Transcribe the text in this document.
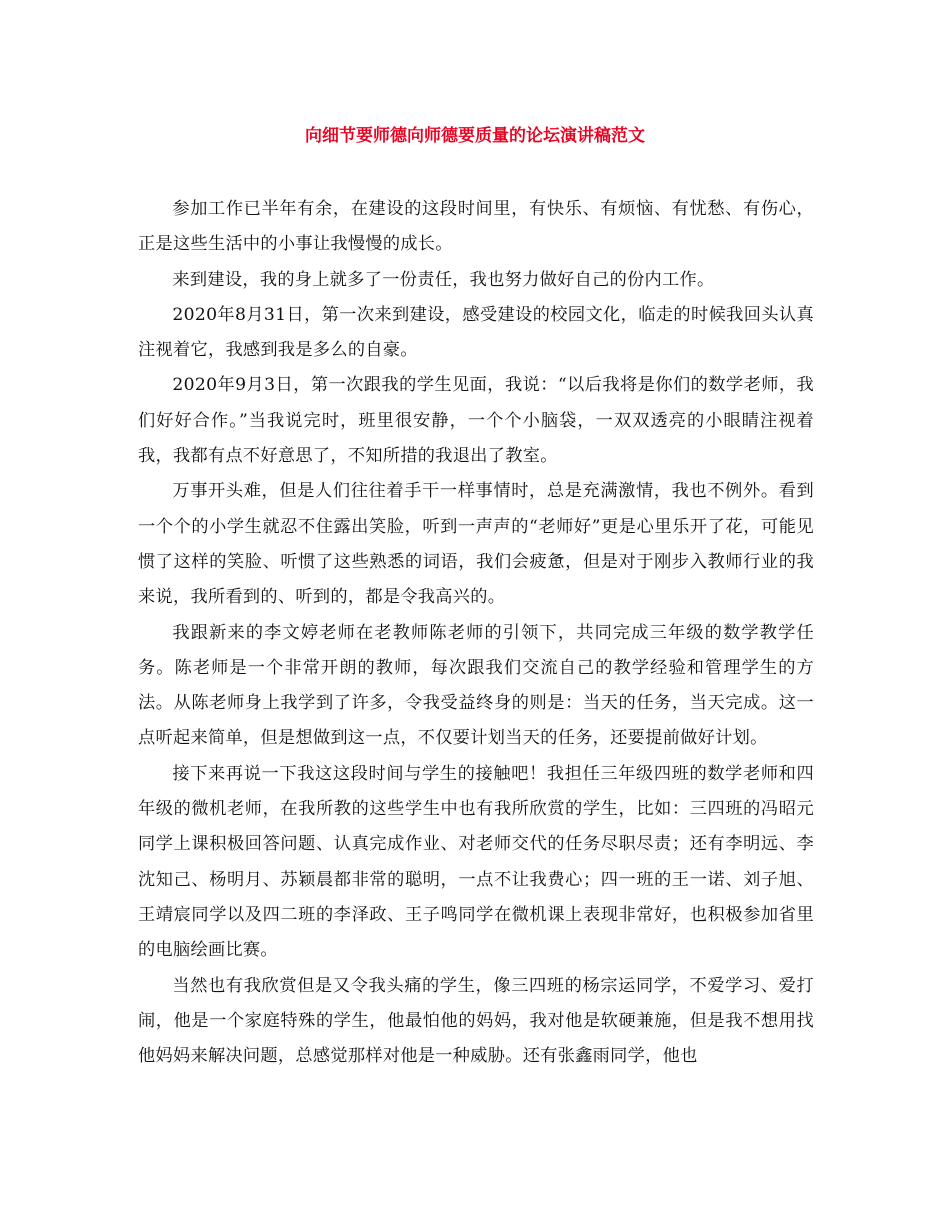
向细节要师德向师德要质量的论坛演讲稿范文

参加工作已半年有余，在建设的这段时间里，有快乐、有烦恼、有忧愁、有伤心，正是这些生活中的小事让我慢慢的成长。

来到建设，我的身上就多了一份责任，我也努力做好自己的份内工作。

2020年8月31日，第一次来到建设，感受建设的校园文化，临走的时候我回头认真注视着它，我感到我是多么的自豪。

2020年9月3日，第一次跟我的学生见面，我说：“以后我将是你们的数学老师，我们好好合作。”当我说完时，班里很安静，一个个小脑袋，一双双透亮的小眼睛注视着我，我都有点不好意思了，不知所措的我退出了教室。

万事开头难，但是人们往往着手干一样事情时，总是充满激情，我也不例外。看到一个个的小学生就忍不住露出笑脸，听到一声声的“老师好”更是心里乐开了花，可能见惯了这样的笑脸、听惯了这些熟悉的词语，我们会疲惫，但是对于刚步入教师行业的我来说，我所看到的、听到的，都是令我高兴的。

我跟新来的李文婷老师在老教师陈老师的引领下，共同完成三年级的数学教学任务。陈老师是一个非常开朗的教师，每次跟我们交流自己的教学经验和管理学生的方法。从陈老师身上我学到了许多，令我受益终身的则是：当天的任务，当天完成。这一点听起来简单，但是想做到这一点，不仅要计划当天的任务，还要提前做好计划。

接下来再说一下我这这段时间与学生的接触吧！我担任三年级四班的数学老师和四年级的微机老师，在我所教的这些学生中也有我所欣赏的学生，比如：三四班的冯昭元同学上课积极回答问题、认真完成作业、对老师交代的任务尽职尽责；还有李明远、李沈知己、杨明月、苏颖晨都非常的聪明，一点不让我费心；四一班的王一诺、刘子旭、王靖宸同学以及四二班的李泽政、王子鸣同学在微机课上表现非常好，也积极参加省里的电脑绘画比赛。

当然也有我欣赏但是又令我头痛的学生，像三四班的杨宗运同学，不爱学习、爱打闹，他是一个家庭特殊的学生，他最怕他的妈妈，我对他是软硬兼施，但是我不想用找他妈妈来解决问题，总感觉那样对他是一种威胁。还有张鑫雨同学，他也
